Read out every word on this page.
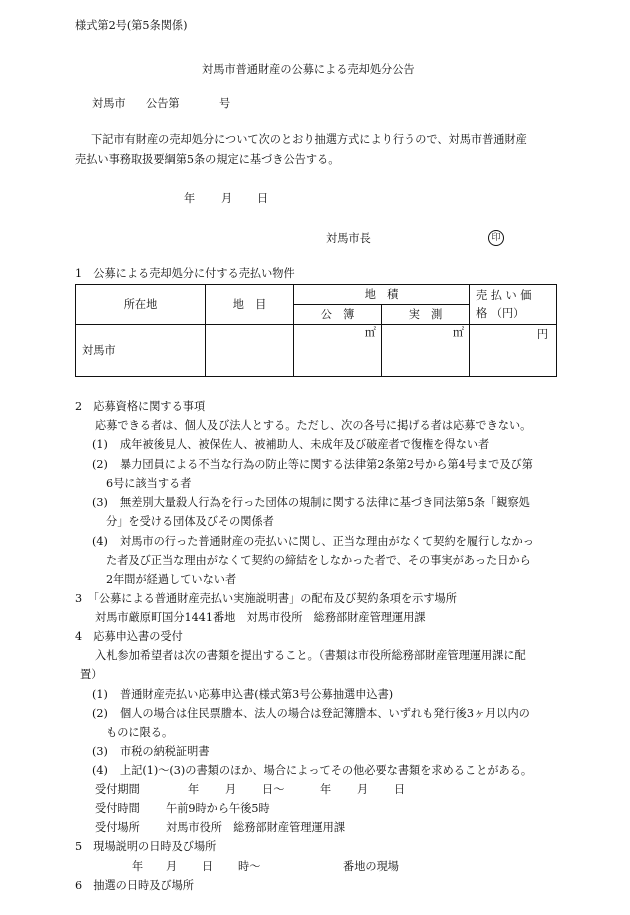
様式第2号(第5条関係)
対馬市普通財産の公募による売却処分公告
対馬市 公告第	号
下記市有財産の売却処分について次のとおり抽選方式により行うので、対馬市普通財産
売払い事務取扱要綱第5条の規定に基づき公告する。
年 月 日
対馬市長	印
1　公募による売却処分に付する売払い物件
所在地	地　目	地　積		売 払 い 価
格 （円）

		公　簿	実　測	
対馬市		㎡	㎡	円
2　応募資格に関する事項
応募できる者は、個人及び法人とする。ただし、次の各号に掲げる者は応募できない。
(1) 成年被後見人、被保佐人、被補助人、未成年及び破産者で復権を得ない者
(2) 暴力団員による不当な行為の防止等に関する法律第2条第2号から第4号まで及び第
6号に該当する者
(3) 無差別大量殺人行為を行った団体の規制に関する法律に基づき同法第5条「観察処
分」を受ける団体及びその関係者
(4) 対馬市の行った普通財産の売払いに関し、正当な理由がなくて契約を履行しなかっ
た者及び正当な理由がなくて契約の締結をしなかった者で、その事実があった日から
2年間が経過していない者
3　「公募による普通財産売払い実施説明書」の配布及び契約条項を示す場所
対馬市厳原町国分1441番地　対馬市役所　総務部財産管理運用課
4　応募申込書の受付
入札参加希望者は次の書類を提出すること。（書類は市役所総務部財産管理運用課に配
置）
(1) 普通財産売払い応募申込書(様式第3号公募抽選申込書)
(2) 個人の場合は住民票謄本、法人の場合は登記簿謄本、いずれも発行後3ヶ月以内の
ものに限る。
(3) 市税の納税証明書
(4) 上記(1)～(3)の書類のほか、場合によってその他必要な書類を求めることがある。
受付期間	年 月 日～	年 月 日
受付時間 午前9時から午後5時
受付場所 対馬市役所　総務部財産管理運用課
5　現場説明の日時及び場所
年 月 日 時～	番地の現場
6　抽選の日時及び場所
